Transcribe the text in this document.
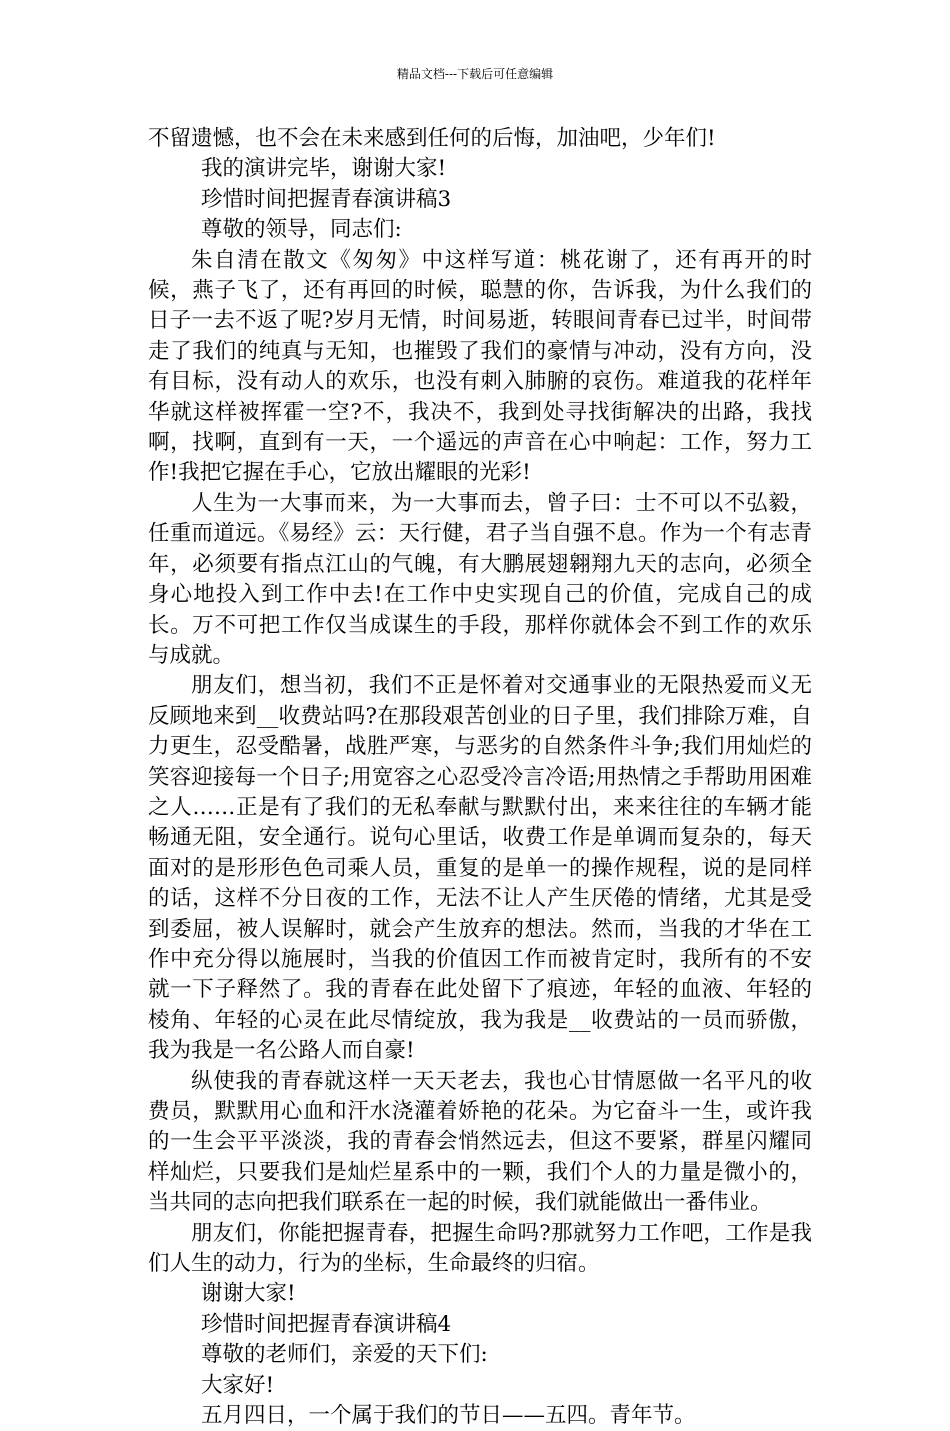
精品文档---下载后可任意编辑

不留遗憾，也不会在未来感到任何的后悔，加油吧，少年们!

我的演讲完毕，谢谢大家!

珍惜时间把握青春演讲稿3

尊敬的领导，同志们:

朱自清在散文《匆匆》中这样写道：桃花谢了，还有再开的时候，燕子飞了，还有再回的时候，聪慧的你，告诉我，为什么我们的日子一去不返了呢?岁月无情，时间易逝，转眼间青春已过半，时间带走了我们的纯真与无知，也摧毁了我们的豪情与冲动，没有方向，没有目标，没有动人的欢乐，也没有刺入肺腑的哀伤。难道我的花样年华就这样被挥霍一空?不，我决不，我到处寻找街解决的出路，我找啊，找啊，直到有一天，一个遥远的声音在心中响起：工作，努力工作!我把它握在手心，它放出耀眼的光彩!

人生为一大事而来，为一大事而去，曾子曰：士不可以不弘毅，任重而道远。《易经》云：天行健，君子当自强不息。作为一个有志青年，必须要有指点江山的气魄，有大鹏展翅翱翔九天的志向，必须全身心地投入到工作中去!在工作中史实现自己的价值，完成自己的成长。万不可把工作仅当成谋生的手段，那样你就体会不到工作的欢乐与成就。

朋友们，想当初，我们不正是怀着对交通事业的无限热爱而义无反顾地来到__收费站吗?在那段艰苦创业的日子里，我们排除万难，自力更生，忍受酷暑，战胜严寒，与恶劣的自然条件斗争;我们用灿烂的笑容迎接每一个日子;用宽容之心忍受冷言冷语;用热情之手帮助用困难之人……正是有了我们的无私奉献与默默付出，来来往往的车辆才能畅通无阻，安全通行。说句心里话，收费工作是单调而复杂的，每天面对的是形形色色司乘人员，重复的是单一的操作规程，说的是同样的话，这样不分日夜的工作，无法不让人产生厌倦的情绪，尤其是受到委屈，被人误解时，就会产生放弃的想法。然而，当我的才华在工作中充分得以施展时，当我的价值因工作而被肯定时，我所有的不安就一下子释然了。我的青春在此处留下了痕迹，年轻的血液、年轻的棱角、年轻的心灵在此尽情绽放，我为我是__收费站的一员而骄傲，我为我是一名公路人而自豪!

纵使我的青春就这样一天天老去，我也心甘情愿做一名平凡的收费员，默默用心血和汗水浇灌着娇艳的花朵。为它奋斗一生，或许我的一生会平平淡淡，我的青春会悄然远去，但这不要紧，群星闪耀同样灿烂，只要我们是灿烂星系中的一颗，我们个人的力量是微小的，当共同的志向把我们联系在一起的时候，我们就能做出一番伟业。

朋友们，你能把握青春，把握生命吗?那就努力工作吧，工作是我们人生的动力，行为的坐标，生命最终的归宿。

谢谢大家!

珍惜时间把握青春演讲稿4

尊敬的老师们，亲爱的天下们:

大家好!

五月四日，一个属于我们的节日——五四。青年节。
